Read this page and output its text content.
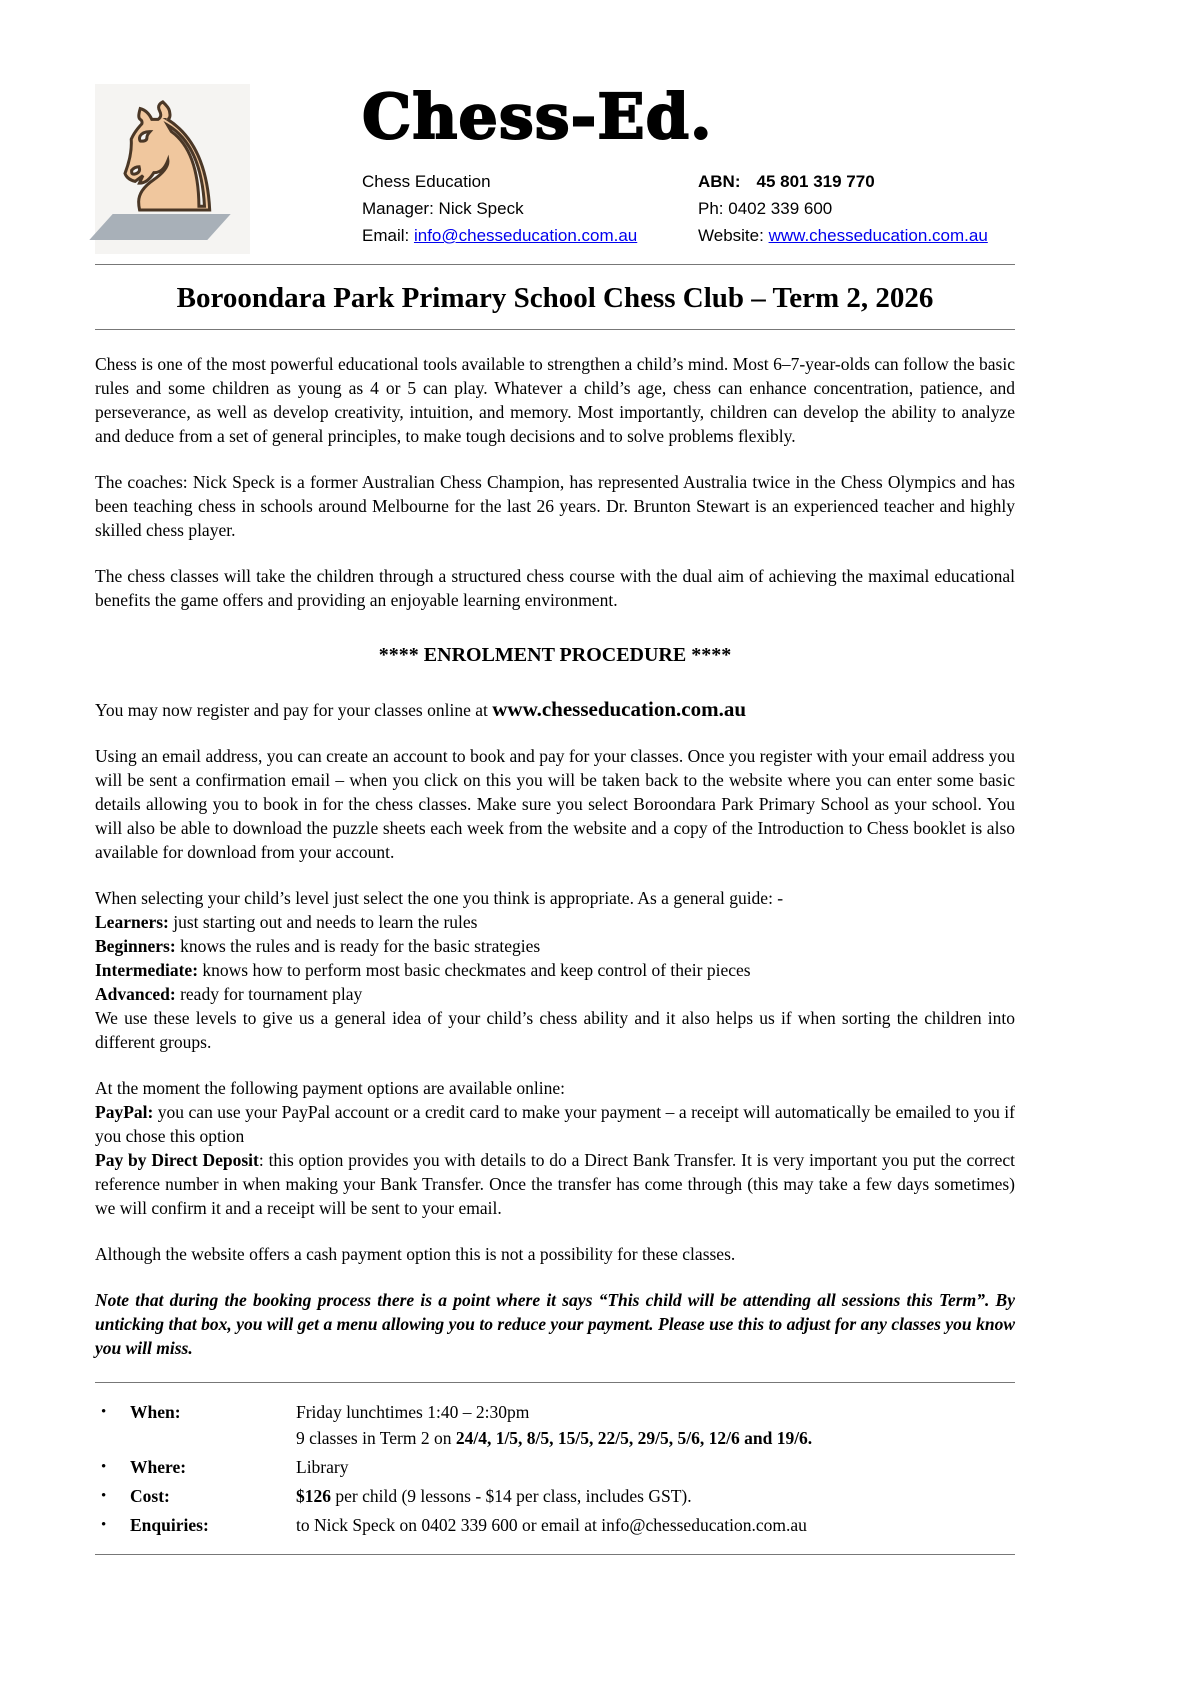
♞ Chess-Ed.
Chess Education
Manager: Nick Speck
Email: info@chesseducation.com.au
ABN: 45 801 319 770
Ph: 0402 339 600
Website: www.chesseducation.com.au
Boroondara Park Primary School Chess Club – Term 2, 2026

Chess is one of the most powerful educational tools available to strengthen a child’s mind. Most 6–7-year-olds can follow the basic rules and some children as young as 4 or 5 can play. Whatever a child’s age, chess can enhance concentration, patience, and perseverance, as well as develop creativity, intuition, and memory. Most importantly, children can develop the ability to analyze and deduce from a set of general principles, to make tough decisions and to solve problems flexibly.

The coaches: Nick Speck is a former Australian Chess Champion, has represented Australia twice in the Chess Olympics and has been teaching chess in schools around Melbourne for the last 26 years. Dr. Brunton Stewart is an experienced teacher and highly skilled chess player.

The chess classes will take the children through a structured chess course with the dual aim of achieving the maximal educational benefits the game offers and providing an enjoyable learning environment.

**** ENROLMENT PROCEDURE ****

You may now register and pay for your classes online at www.chesseducation.com.au

Using an email address, you can create an account to book and pay for your classes. Once you register with your email address you will be sent a confirmation email – when you click on this you will be taken back to the website where you can enter some basic details allowing you to book in for the chess classes. Make sure you select Boroondara Park Primary School as your school. You will also be able to download the puzzle sheets each week from the website and a copy of the Introduction to Chess booklet is also available for download from your account.

When selecting your child’s level just select the one you think is appropriate. As a general guide: -
Learners: just starting out and needs to learn the rules
Beginners: knows the rules and is ready for the basic strategies
Intermediate: knows how to perform most basic checkmates and keep control of their pieces
Advanced: ready for tournament play
We use these levels to give us a general idea of your child’s chess ability and it also helps us if when sorting the children into different groups.
At the moment the following payment options are available online:
PayPal: you can use your PayPal account or a credit card to make your payment – a receipt will automatically be emailed to you if you chose this option
Pay by Direct Deposit: this option provides you with details to do a Direct Bank Transfer. It is very important you put the correct reference number in when making your Bank Transfer. Once the transfer has come through (this may take a few days sometimes) we will confirm it and a receipt will be sent to your email.

Although the website offers a cash payment option this is not a possibility for these classes.

Note that during the booking process there is a point where it says “This child will be attending all sessions this Term”. By unticking that box, you will get a menu allowing you to reduce your payment. Please use this to adjust for any classes you know you will miss.

•	When:	Friday lunchtimes 1:40 – 2:30pm
9 classes in Term 2 on 24/4, 1/5, 8/5, 15/5, 22/5, 29/5, 5/6, 12/6 and 19/6.
•	Where:	Library
•	Cost:	$126 per child (9 lessons - $14 per class, includes GST).
•	Enquiries:	to Nick Speck on 0402 339 600 or email at info@chesseducation.com.au
